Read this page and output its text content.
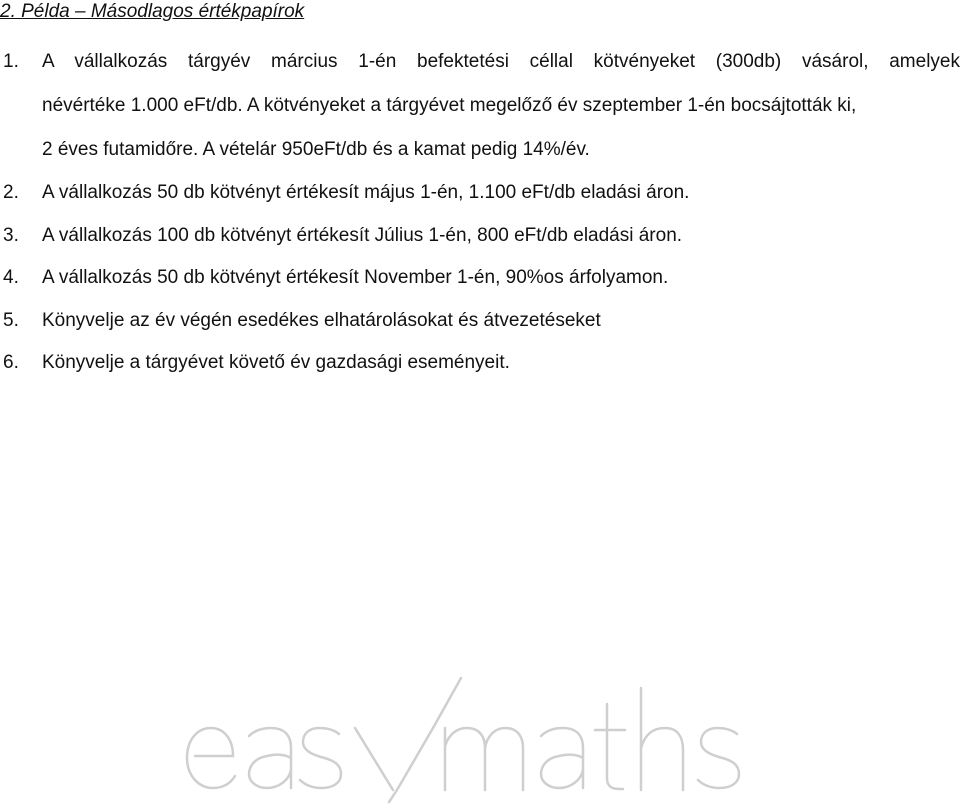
2. Példa – Másodlagos értékpapírok
1. A vállalkozás tárgyév március 1-én befektetési céllal kötvényeket (300db) vásárol, amelyek
névértéke 1.000 eFt/db. A kötvényeket a tárgyévet megelőző év szeptember 1-én bocsájtották ki,
2 éves futamidőre. A vételár 950eFt/db és a kamat pedig 14%/év.
2. A vállalkozás 50 db kötvényt értékesít május 1-én, 1.100 eFt/db eladási áron.
3. A vállalkozás 100 db kötvényt értékesít Július 1-én, 800 eFt/db eladási áron.
4. A vállalkozás 50 db kötvényt értékesít November 1-én, 90%os árfolyamon.
5. Könyvelje az év végén esedékes elhatárolásokat és átvezetéseket
6. Könyvelje a tárgyévet követő év gazdasági eseményeit.
